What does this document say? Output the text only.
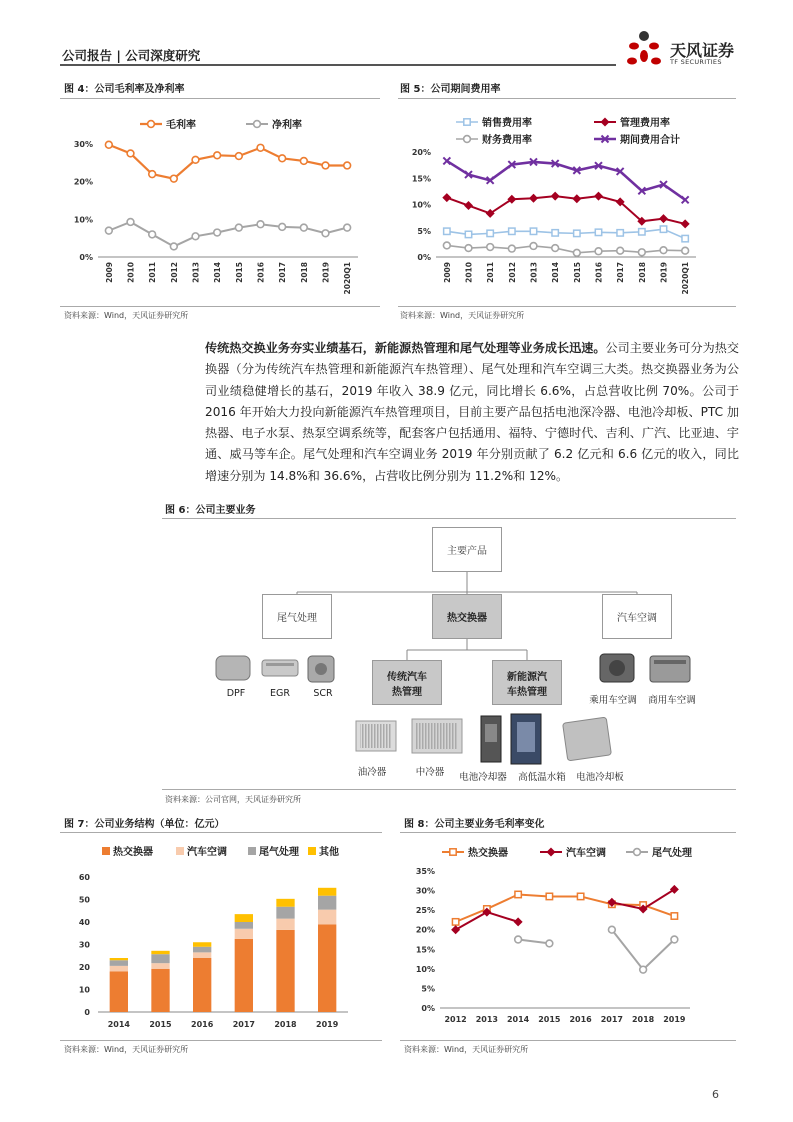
公司报告 | 公司深度研究	天风证券
TF SECURITIES
图 4：公司毛利率及净利率
0%
10%
20%
30%
2009 2010 2011 2012 2013 2014 2015 2016 2017 2018 2019 2020Q1
毛利率	净利率
资料来源：Wind，天风证券研究所
图 5：公司期间费用率
0%
5%
10%
15%
20%
2009 2010 2011 2012 2013 2014 2015 2016 2017 2018 2019 2020Q1
销售费用率	管理费用率
财务费用率	期间费用合计
资料来源：Wind，天风证券研究所
传统热交换业务夯实业绩基石，新能源热管理和尾气处理等业务成长迅速。公司主要业务可分为热交换器（分为传统汽车热管理和新能源汽车热管理）、尾气处理和汽车空调三大类。热交换器业务为公司业绩稳健增长的基石，2019 年收入 38.9 亿元，同比增长 6.6%，占总营收比例 70%。公司于 2016 年开始大力投向新能源汽车热管理项目，目前主要产品包括电池深冷器、电池冷却板、PTC 加热器、电子水泵、热泵空调系统等，配套客户包括通用、福特、宁德时代、吉利、广汽、比亚迪、宇通、威马等车企。尾气处理和汽车空调业务 2019 年分别贡献了 6.2 亿元和 6.6 亿元的收入，同比增速分别为 14.8%和 36.6%，占营收比例分别为 11.2%和 12%。
图 6：公司主要业务
主要产品
尾气处理	热交换器	汽车空调
传统汽车热管理
新能源汽车热管理
DPF	EGR	SCR
乘用车空调	商用车空调
油冷器	中冷器	电池冷却器	高低温水箱	电池冷却板
资料来源：公司官网，天风证券研究所
图 7：公司业务结构（单位：亿元）
0
10
20
30
40
50
60
2014 2015 2016 2017 2018 2019
热交换器	汽车空调	尾气处理 其他
资料来源：Wind，天风证券研究所
图 8：公司主要业务毛利率变化
0%
5%
10%
15%
20%
25%
30%
35%
2012 2013 2014 2015 2016 2017 2018 2019
热交换器	汽车空调	尾气处理
资料来源：Wind，天风证券研究所
6
